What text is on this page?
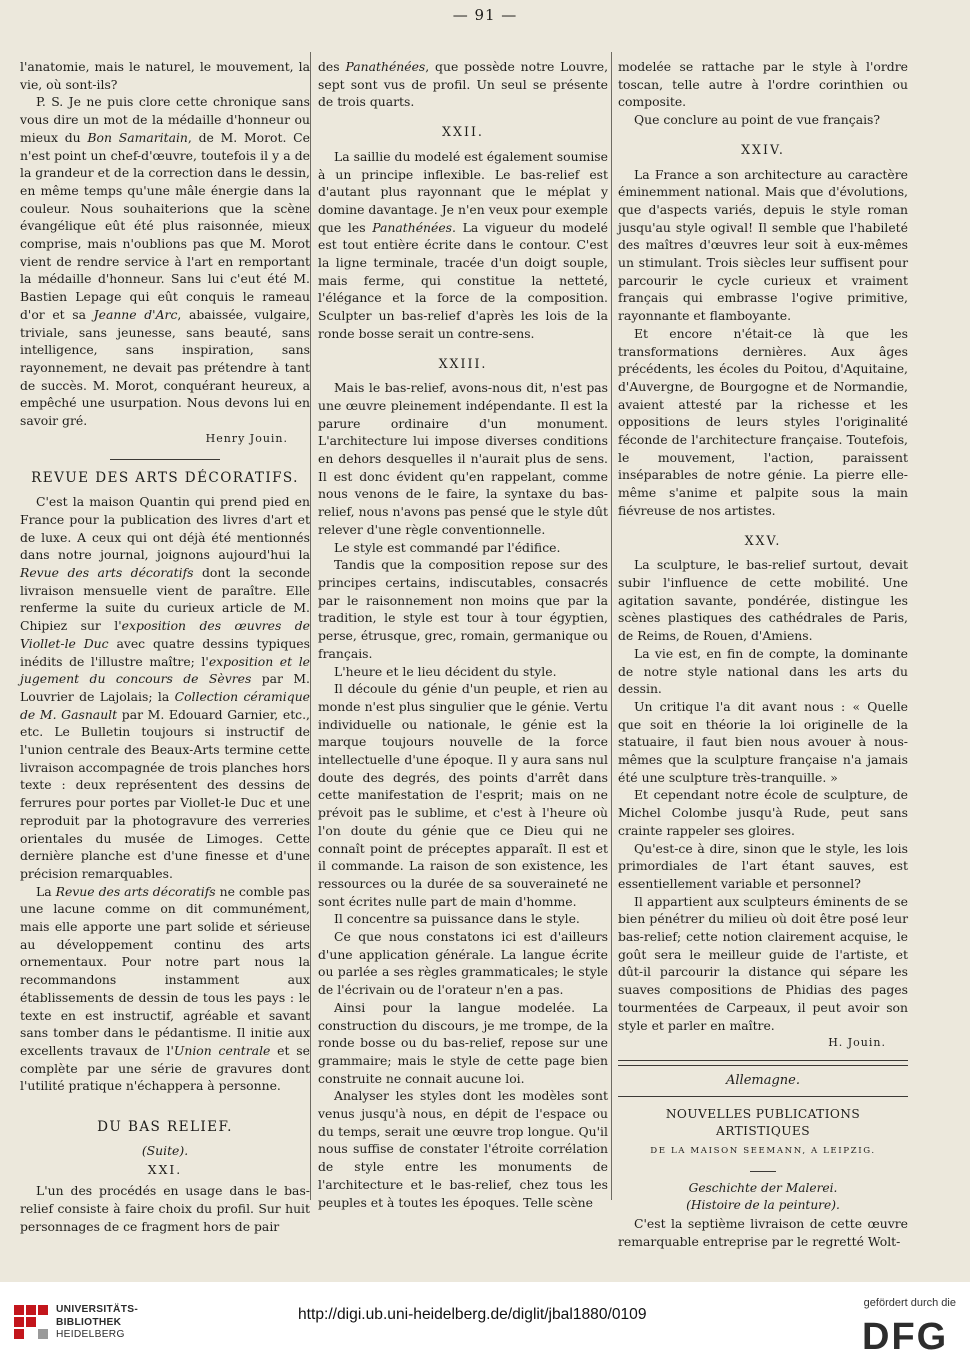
— 91 —

l'anatomie, mais le naturel, le mouvement, la vie, où sont-ils?

P. S. Je ne puis clore cette chronique sans vous dire un mot de la médaille d'honneur ou mieux du Bon Samaritain, de M. Morot. Ce n'est point un chef-d'œuvre, toutefois il y a de la grandeur et de la correction dans le dessin, en même temps qu'une mâle énergie dans la couleur. Nous souhaiterions que la scène évangélique eût été plus raisonnée, mieux comprise, mais n'oublions pas que M. Morot vient de rendre service à l'art en remportant la médaille d'honneur. Sans lui c'eut été M. Bastien Lepage qui eût conquis le rameau d'or et sa Jeanne d'Arc, abaissée, vulgaire, triviale, sans jeunesse, sans beauté, sans intelligence, sans inspiration, sans rayonnement, ne devait pas prétendre à tant de succès. M. Morot, conquérant heureux, a empêché une usurpation. Nous devons lui en savoir gré.

Henry Jouin.

REVUE DES ARTS DÉCORATIFS.

C'est la maison Quantin qui prend pied en France pour la publication des livres d'art et de luxe. A ceux qui ont déjà été mentionnés dans notre journal, joignons aujourd'hui la Revue des arts décoratifs dont la seconde livraison mensuelle vient de paraître. Elle renferme la suite du curieux article de M. Chipiez sur l'exposition des œuvres de Viollet-le Duc avec quatre dessins typiques inédits de l'illustre maître; l'exposition et le jugement du concours de Sèvres par M. Louvrier de Lajolais; la Collection céramique de M. Gasnault par M. Edouard Garnier, etc., etc. Le Bulletin toujours si instructif de l'union centrale des Beaux-Arts termine cette livraison accompagnée de trois planches hors texte : deux représentent des dessins de ferrures pour portes par Viollet-le Duc et une reproduit par la photogravure des verreries orientales du musée de Limoges. Cette dernière planche est d'une finesse et d'une précision remarquables.

La Revue des arts décoratifs ne comble pas une lacune comme on dit communément, mais elle apporte une part solide et sérieuse au développement continu des arts ornementaux. Pour notre part nous la recommandons instamment aux établissements de dessin de tous les pays : le texte en est instructif, agréable et savant sans tomber dans le pédantisme. Il initie aux excellents travaux de l'Union centrale et se complète par une série de gravures dont l'utilité pratique n'échappera à personne.

DU BAS RELIEF.
(Suite).
XXI.

L'un des procédés en usage dans le bas-relief consiste à faire choix du profil. Sur huit personnages de ce fragment hors de pair

des Panathénées, que possède notre Louvre, sept sont vus de profil. Un seul se présente de trois quarts.

XXII.

La saillie du modelé est également soumise à un principe inflexible. Le bas-relief est d'autant plus rayonnant que le méplat y domine davantage. Je n'en veux pour exemple que les Panathénées. La vigueur du modelé est tout entière écrite dans le contour. C'est la ligne terminale, tracée d'un doigt souple, mais ferme, qui constitue la netteté, l'élégance et la force de la composition. Sculpter un bas-relief d'après les lois de la ronde bosse serait un contre-sens.

XXIII.

Mais le bas-relief, avons-nous dit, n'est pas une œuvre pleinement indépendante. Il est la parure ordinaire d'un monument. L'architecture lui impose diverses conditions en dehors desquelles il n'aurait plus de sens. Il est donc évident qu'en rappelant, comme nous venons de le faire, la syntaxe du bas-relief, nous n'avons pas pensé que le style dût relever d'une règle conventionnelle.

Le style est commandé par l'édifice.

Tandis que la composition repose sur des principes certains, indiscutables, consacrés par le raisonnement non moins que par la tradition, le style est tour à tour égyptien, perse, étrusque, grec, romain, germanique ou français.

L'heure et le lieu décident du style.

Il découle du génie d'un peuple, et rien au monde n'est plus singulier que le génie. Vertu individuelle ou nationale, le génie est la marque toujours nouvelle de la force intellectuelle d'une époque. Il y aura sans nul doute des degrés, des points d'arrêt dans cette manifestation de l'esprit; mais on ne prévoit pas le sublime, et c'est à l'heure où l'on doute du génie que ce Dieu qui ne connaît point de préceptes apparaît. Il est et il commande. La raison de son existence, les ressources ou la durée de sa souveraineté ne sont écrites nulle part de main d'homme.

Il concentre sa puissance dans le style.

Ce que nous constatons ici est d'ailleurs d'une application générale. La langue écrite ou parlée a ses règles grammaticales; le style de l'écrivain ou de l'orateur n'en a pas.

Ainsi pour la langue modelée. La construction du discours, je me trompe, de la ronde bosse ou du bas-relief, repose sur une grammaire; mais le style de cette page bien construite ne connait aucune loi.

Analyser les styles dont les modèles sont venus jusqu'à nous, en dépit de l'espace ou du temps, serait une œuvre trop longue. Qu'il nous suffise de constater l'étroite corrélation de style entre les monuments de l'architecture et le bas-relief, chez tous les peuples et à toutes les époques. Telle scène

modelée se rattache par le style à l'ordre toscan, telle autre à l'ordre corinthien ou composite.

Que conclure au point de vue français?

XXIV.

La France a son architecture au caractère éminemment national. Mais que d'évolutions, que d'aspects variés, depuis le style roman jusqu'au style ogival! Il semble que l'habileté des maîtres d'œuvres leur soit à eux-mêmes un stimulant. Trois siècles leur suffisent pour parcourir le cycle curieux et vraiment français qui embrasse l'ogive primitive, rayonnante et flamboyante.

Et encore n'était-ce là que les transformations dernières. Aux âges précédents, les écoles du Poitou, d'Aquitaine, d'Auvergne, de Bourgogne et de Normandie, avaient attesté par la richesse et les oppositions de leurs styles l'originalité féconde de l'architecture française. Toutefois, le mouvement, l'action, paraissent inséparables de notre génie. La pierre elle-même s'anime et palpite sous la main fiévreuse de nos artistes.

XXV.

La sculpture, le bas-relief surtout, devait subir l'influence de cette mobilité. Une agitation savante, pondérée, distingue les scènes plastiques des cathédrales de Paris, de Reims, de Rouen, d'Amiens.

La vie est, en fin de compte, la dominante de notre style national dans les arts du dessin.

Un critique l'a dit avant nous : « Quelle que soit en théorie la loi originelle de la statuaire, il faut bien nous avouer à nous-mêmes que la sculpture française n'a jamais été une sculpture très-tranquille. »

Et cependant notre école de sculpture, de Michel Colombe jusqu'à Rude, peut sans crainte rappeler ses gloires.

Qu'est-ce à dire, sinon que le style, les lois primordiales de l'art étant sauves, est essentiellement variable et personnel?

Il appartient aux sculpteurs éminents de se bien pénétrer du milieu où doit être posé leur bas-relief; cette notion clairement acquise, le goût sera le meilleur guide de l'artiste, et dût-il parcourir la distance qui sépare les suaves compositions de Phidias des pages tourmentées de Carpeaux, il peut avoir son style et parler en maître.

H. Jouin.

Allemagne.
NOUVELLES PUBLICATIONS ARTISTIQUES
DE LA MAISON SEEMANN, A LEIPZIG.
Geschichte der Malerei.
(Histoire de la peinture).

C'est la septième livraison de cette œuvre remarquable entreprise par le regretté Wolt-

UNIVERSITÄTS-
BIBLIOTHEK
HEIDELBERG
http://digi.ub.uni-heidelberg.de/diglit/jbal1880/0109
gefördert durch die
DFG
